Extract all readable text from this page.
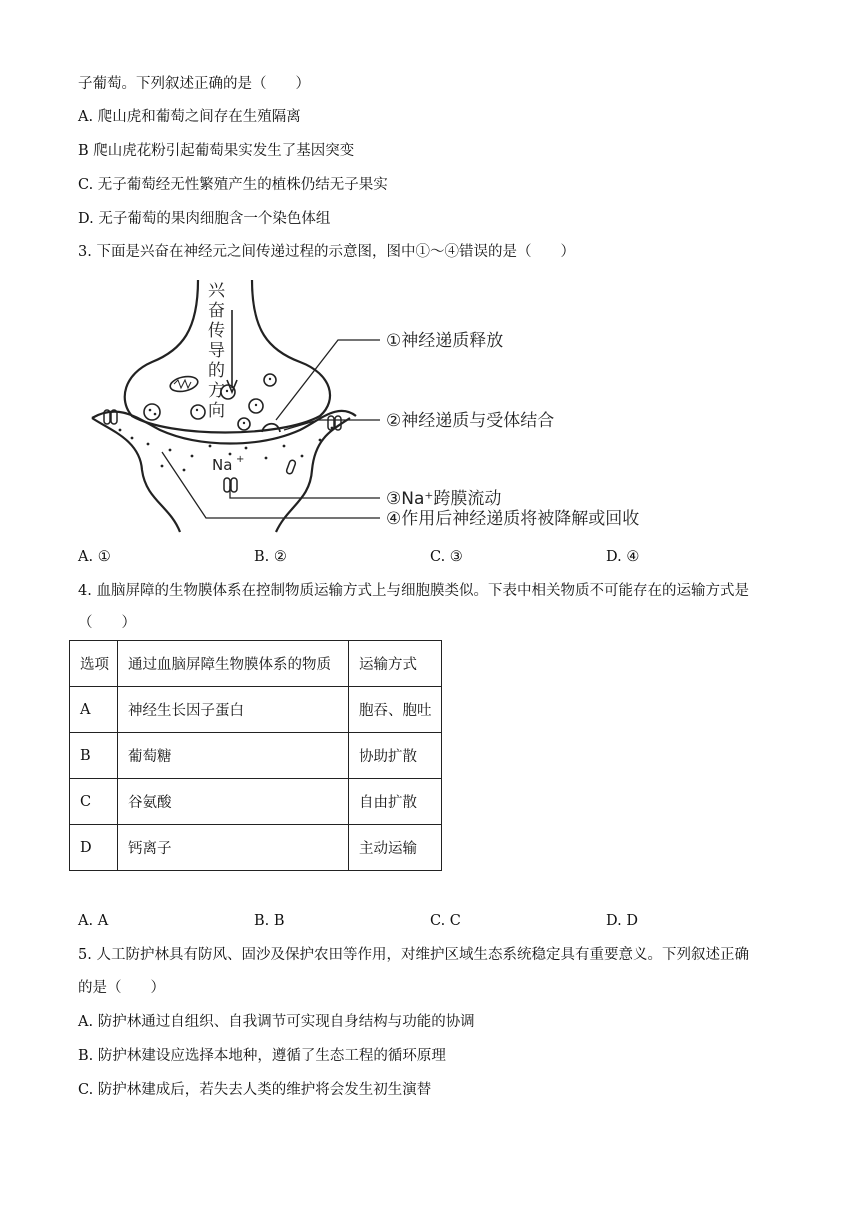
子葡萄。下列叙述正确的是（　　）
A. 爬山虎和葡萄之间存在生殖隔离
B 爬山虎花粉引起葡萄果实发生了基因突变
C. 无子葡萄经无性繁殖产生的植株仍结无子果实
D. 无子葡萄的果肉细胞含一个染色体组
3. 下面是兴奋在神经元之间传递过程的示意图，图中①～④错误的是（　　）
兴
奋
传
导
的
方
向
Na +
①神经递质释放
②神经递质与受体结合
③Na⁺跨膜流动
④作用后神经递质将被降解或回收
A. ①	B. ②	C. ③	D. ④
4. 血脑屏障的生物膜体系在控制物质运输方式上与细胞膜类似。下表中相关物质不可能存在的运输方式是
（　　）
选项	通过血脑屏障生物膜体系的物质	运输方式
A	神经生长因子蛋白	胞吞、胞吐
B	葡萄糖	协助扩散
C	谷氨酸	自由扩散
D	钙离子	主动运输
A. A	B. B	C. C	D. D
5. 人工防护林具有防风、固沙及保护农田等作用，对维护区域生态系统稳定具有重要意义。下列叙述正确
的是（　　）
A. 防护林通过自组织、自我调节可实现自身结构与功能的协调
B. 防护林建设应选择本地种，遵循了生态工程的循环原理
C. 防护林建成后，若失去人类的维护将会发生初生演替
